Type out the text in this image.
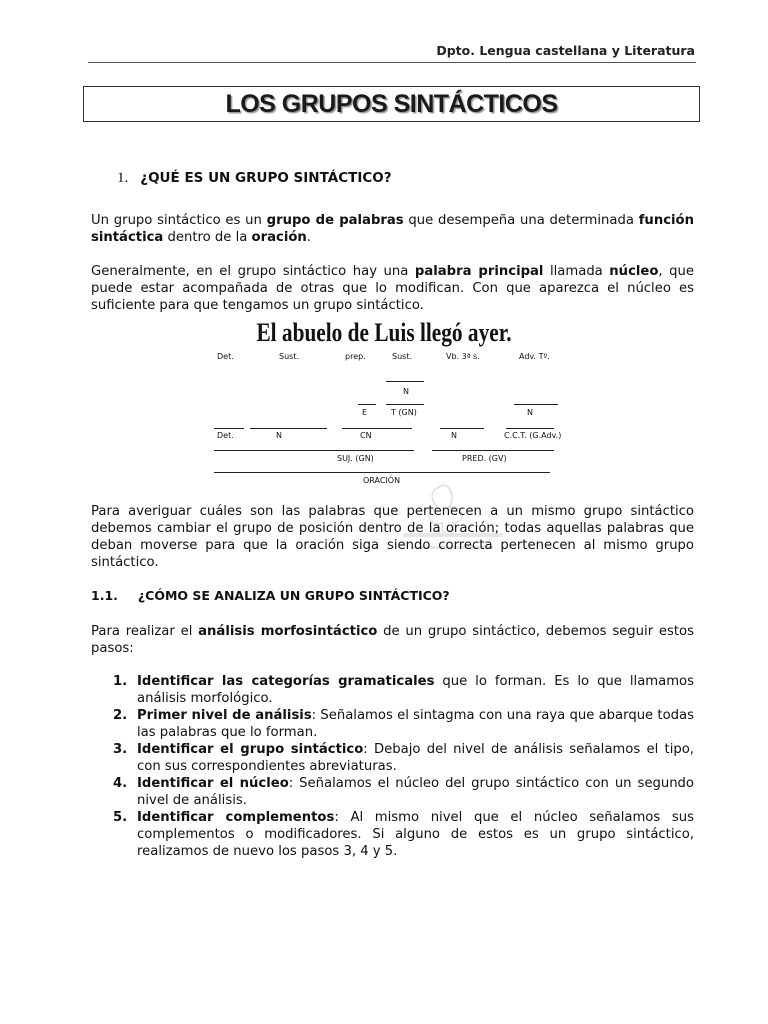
Dpto. Lengua castellana y Literatura
LOS GRUPOS SINTÁCTICOS
1. ¿QUÉ ES UN GRUPO SINTÁCTICO?
Un grupo sintáctico es un grupo de palabras que desempeña una determinada función sintáctica dentro de la oración.
Generalmente, en el grupo sintáctico hay una palabra principal llamada núcleo, que puede estar acompañada de otras que lo modifican. Con que aparezca el núcleo es suficiente para que tengamos un grupo sintáctico.
El abuelo de Luis llegó ayer.
Det.	Sust.	prep.	Sust.	Vb. 3ª s.	Adv. Tº.
N
E	T (GN)	N
Det.	N	CN	N	C.C.T. (G.Adv.)
SUJ. (GN)	PRED. (GV)
ORACIÓN
Para averiguar cuáles son las palabras que pertenecen a un mismo grupo sintáctico debemos cambiar el grupo de posición dentro de la oración; todas aquellas palabras que deban moverse para que la oración siga siendo correcta pertenecen al mismo grupo sintáctico.
1.1. ¿CÓMO SE ANALIZA UN GRUPO SINTÁCTICO?
Para realizar el análisis morfosintáctico de un grupo sintáctico, debemos seguir estos pasos:
1. Identificar las categorías gramaticales que lo forman. Es lo que llamamos análisis morfológico.
2. Primer nivel de análisis: Señalamos el sintagma con una raya que abarque todas las palabras que lo forman.
3. Identificar el grupo sintáctico: Debajo del nivel de análisis señalamos el tipo, con sus correspondientes abreviaturas.
4. Identificar el núcleo: Señalamos el núcleo del grupo sintáctico con un segundo nivel de análisis.
5. Identificar complementos: Al mismo nivel que el núcleo señalamos sus complementos o modificadores. Si alguno de estos es un grupo sintáctico, realizamos de nuevo los pasos 3, 4 y 5.
